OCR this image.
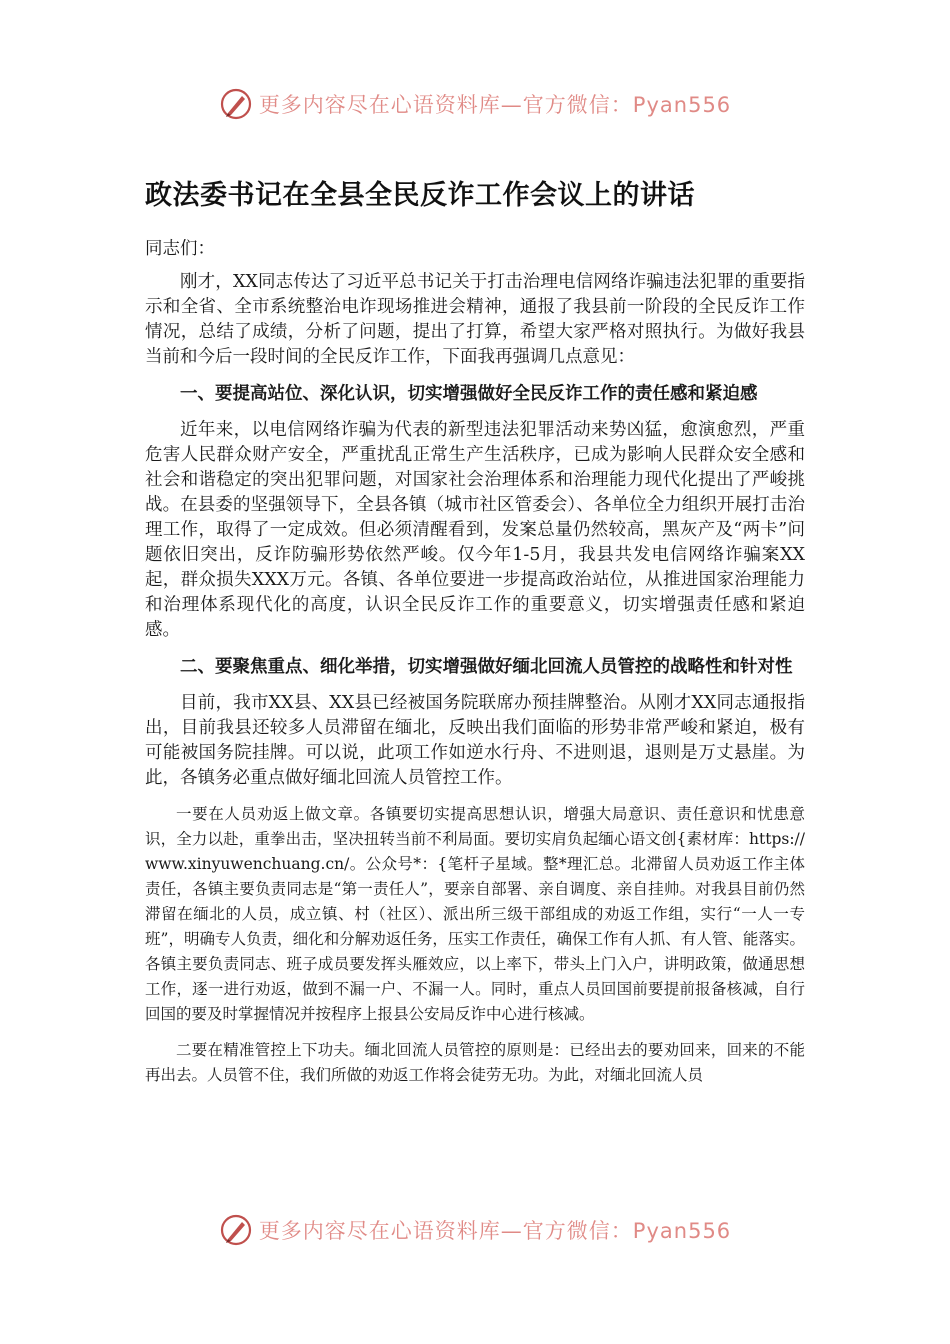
更多内容尽在心语资料库—官方微信：Pyan556
政法委书记在全县全民反诈工作会议上的讲话

同志们：

刚才，XX同志传达了习近平总书记关于打击治理电信网络诈骗违法犯罪的重要指示和全省、全市系统整治电诈现场推进会精神，通报了我县前一阶段的全民反诈工作情况，总结了成绩，分析了问题，提出了打算，希望大家严格对照执行。为做好我县当前和今后一段时间的全民反诈工作，下面我再强调几点意见：

一、要提高站位、深化认识，切实增强做好全民反诈工作的责任感和紧迫感

近年来，以电信网络诈骗为代表的新型违法犯罪活动来势凶猛，愈演愈烈，严重危害人民群众财产安全，严重扰乱正常生产生活秩序，已成为影响人民群众安全感和社会和谐稳定的突出犯罪问题，对国家社会治理体系和治理能力现代化提出了严峻挑战。在县委的坚强领导下，全县各镇（城市社区管委会）、各单位全力组织开展打击治理工作，取得了一定成效。但必须清醒看到，发案总量仍然较高，黑灰产及“两卡”问题依旧突出，反诈防骗形势依然严峻。仅今年1-5月，我县共发电信网络诈骗案XX起，群众损失XXX万元。各镇、各单位要进一步提高政治站位，从推进国家治理能力和治理体系现代化的高度，认识全民反诈工作的重要意义，切实增强责任感和紧迫感。

二、要聚焦重点、细化举措，切实增强做好缅北回流人员管控的战略性和针对性

目前，我市XX县、XX县已经被国务院联席办预挂牌整治。从刚才XX同志通报指出，目前我县还较多人员滞留在缅北，反映出我们面临的形势非常严峻和紧迫，极有可能被国务院挂牌。可以说，此项工作如逆水行舟、不进则退，退则是万丈悬崖。为此，各镇务必重点做好缅北回流人员管控工作。

一要在人员劝返上做文章。各镇要切实提高思想认识，增强大局意识、责任意识和忧患意识，全力以赴，重拳出击，坚决扭转当前不利局面。要切实肩负起缅心语文创{素材库：https://www.xinyuwenchuang.cn/。公众号*：{笔杆子星域。整*理汇总。北滞留人员劝返工作主体责任，各镇主要负责同志是“第一责任人”，要亲自部署、亲自调度、亲自挂帅。对我县目前仍然滞留在缅北的人员，成立镇、村（社区）、派出所三级干部组成的劝返工作组，实行“一人一专班”，明确专人负责，细化和分解劝返任务，压实工作责任，确保工作有人抓、有人管、能落实。各镇主要负责同志、班子成员要发挥头雁效应，以上率下，带头上门入户，讲明政策，做通思想工作，逐一进行劝返，做到不漏一户、不漏一人。同时，重点人员回国前要提前报备核减，自行回国的要及时掌握情况并按程序上报县公安局反诈中心进行核减。

二要在精准管控上下功夫。缅北回流人员管控的原则是：已经出去的要劝回来，回来的不能再出去。人员管不住，我们所做的劝返工作将会徒劳无功。为此，对缅北回流人员

更多内容尽在心语资料库—官方微信：Pyan556
